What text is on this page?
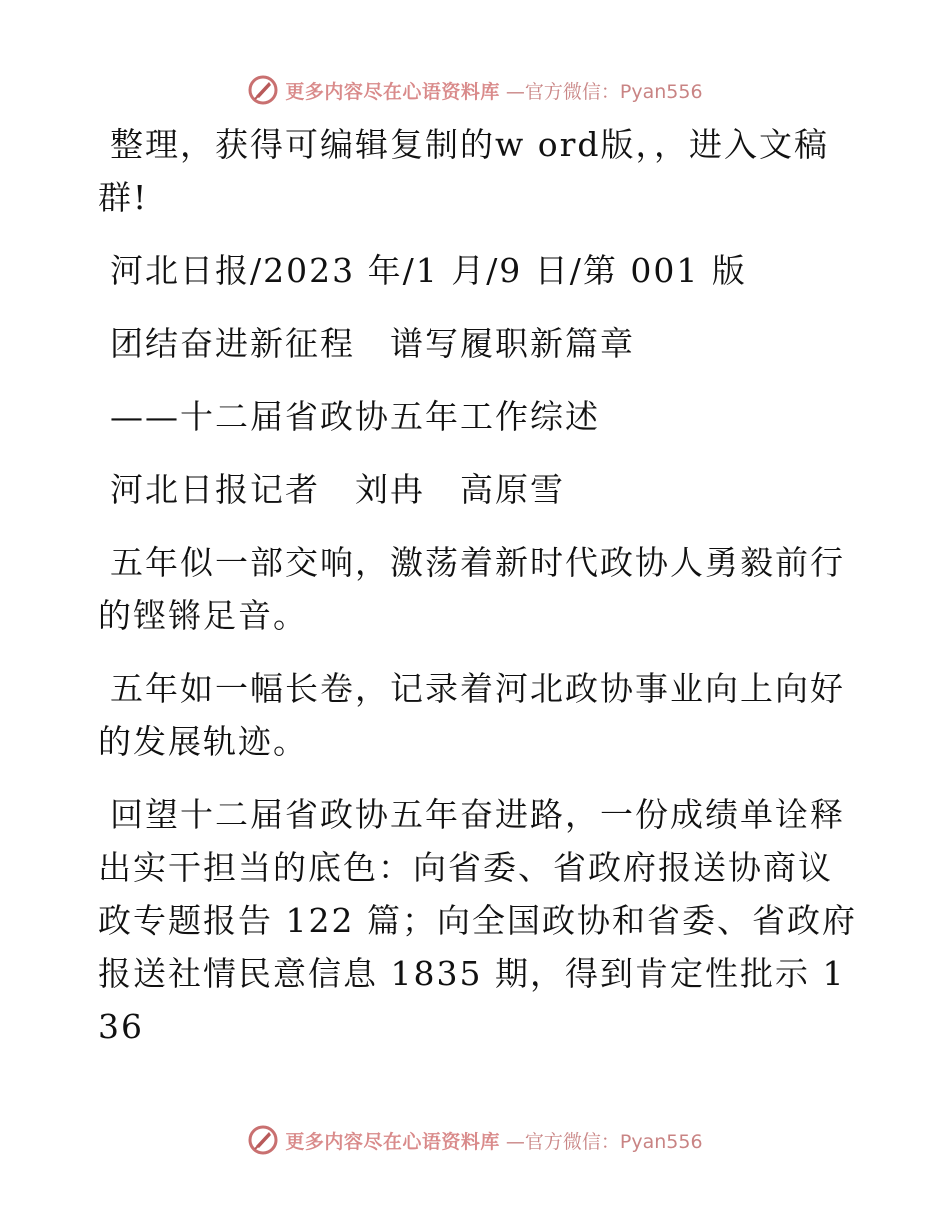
更多内容尽在心语资料库 —官方微信：Pyan556

整理，获得可编辑复制的w ord版，，进入文稿群!

河北日报/2023 年/1 月/9 日/第 001 版

团结奋进新征程　谱写履职新篇章

——十二届省政协五年工作综述

河北日报记者　刘冉　高原雪

五年似一部交响，激荡着新时代政协人勇毅前行的铿锵足音。

五年如一幅长卷，记录着河北政协事业向上向好的发展轨迹。

回望十二届省政协五年奋进路，一份成绩单诠释出实干担当的底色：向省委、省政府报送协商议政专题报告 122 篇；向全国政协和省委、省政府报送社情民意信息 1835 期，得到肯定性批示 136

更多内容尽在心语资料库 —官方微信：Pyan556
